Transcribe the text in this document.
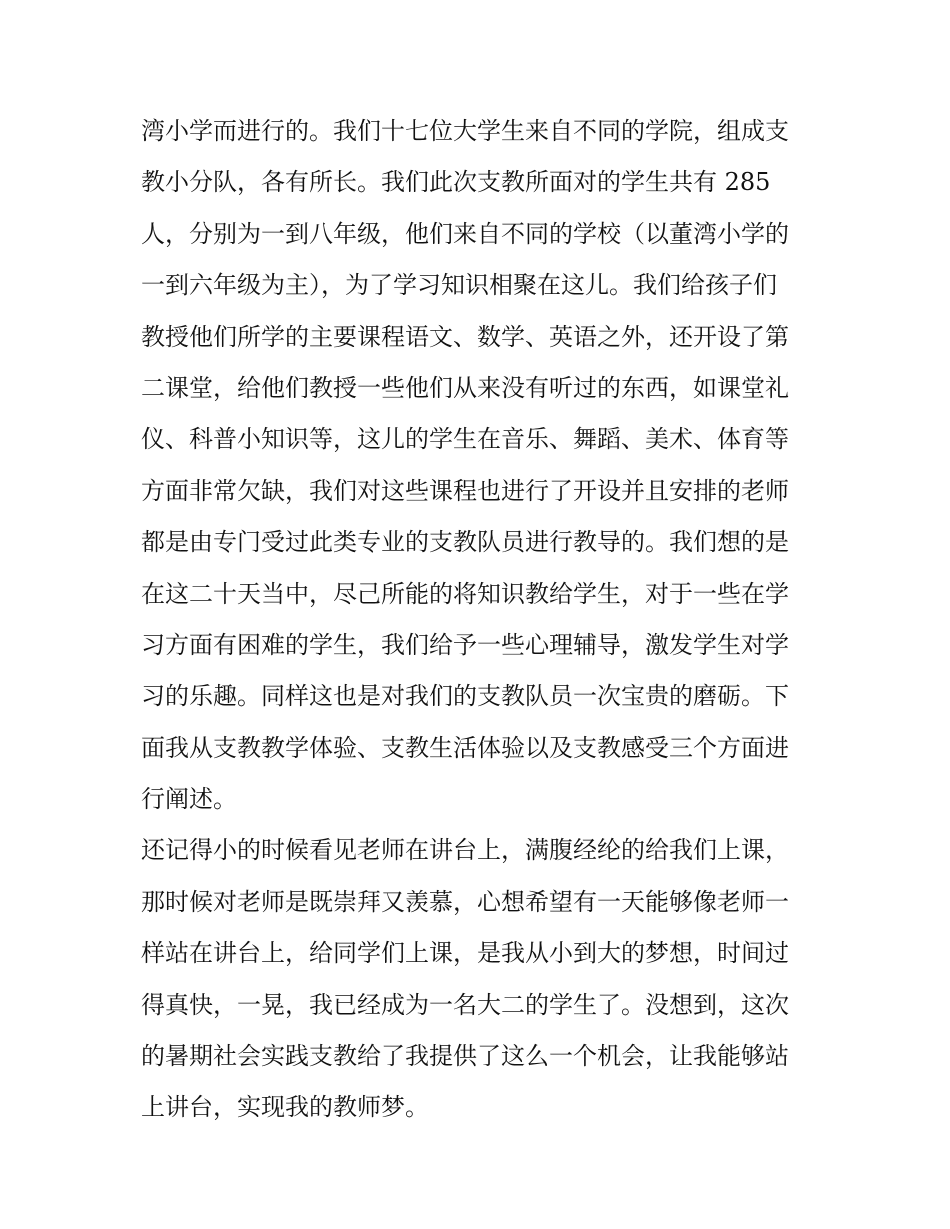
湾小学而进行的。我们十七位大学生来自不同的学院，组成支
教小分队，各有所长。我们此次支教所面对的学生共有 285
人，分别为一到八年级，他们来自不同的学校（以董湾小学的
一到六年级为主），为了学习知识相聚在这儿。我们给孩子们
教授他们所学的主要课程语文、数学、英语之外，还开设了第
二课堂，给他们教授一些他们从来没有听过的东西，如课堂礼
仪、科普小知识等，这儿的学生在音乐、舞蹈、美术、体育等
方面非常欠缺，我们对这些课程也进行了开设并且安排的老师
都是由专门受过此类专业的支教队员进行教导的。我们想的是
在这二十天当中，尽己所能的将知识教给学生，对于一些在学
习方面有困难的学生，我们给予一些心理辅导，激发学生对学
习的乐趣。同样这也是对我们的支教队员一次宝贵的磨砺。下
面我从支教教学体验、支教生活体验以及支教感受三个方面进
行阐述。
还记得小的时候看见老师在讲台上，满腹经纶的给我们上课，
那时候对老师是既崇拜又羡慕，心想希望有一天能够像老师一
样站在讲台上，给同学们上课，是我从小到大的梦想，时间过
得真快，一晃，我已经成为一名大二的学生了。没想到，这次
的暑期社会实践支教给了我提供了这么一个机会，让我能够站
上讲台，实现我的教师梦。
